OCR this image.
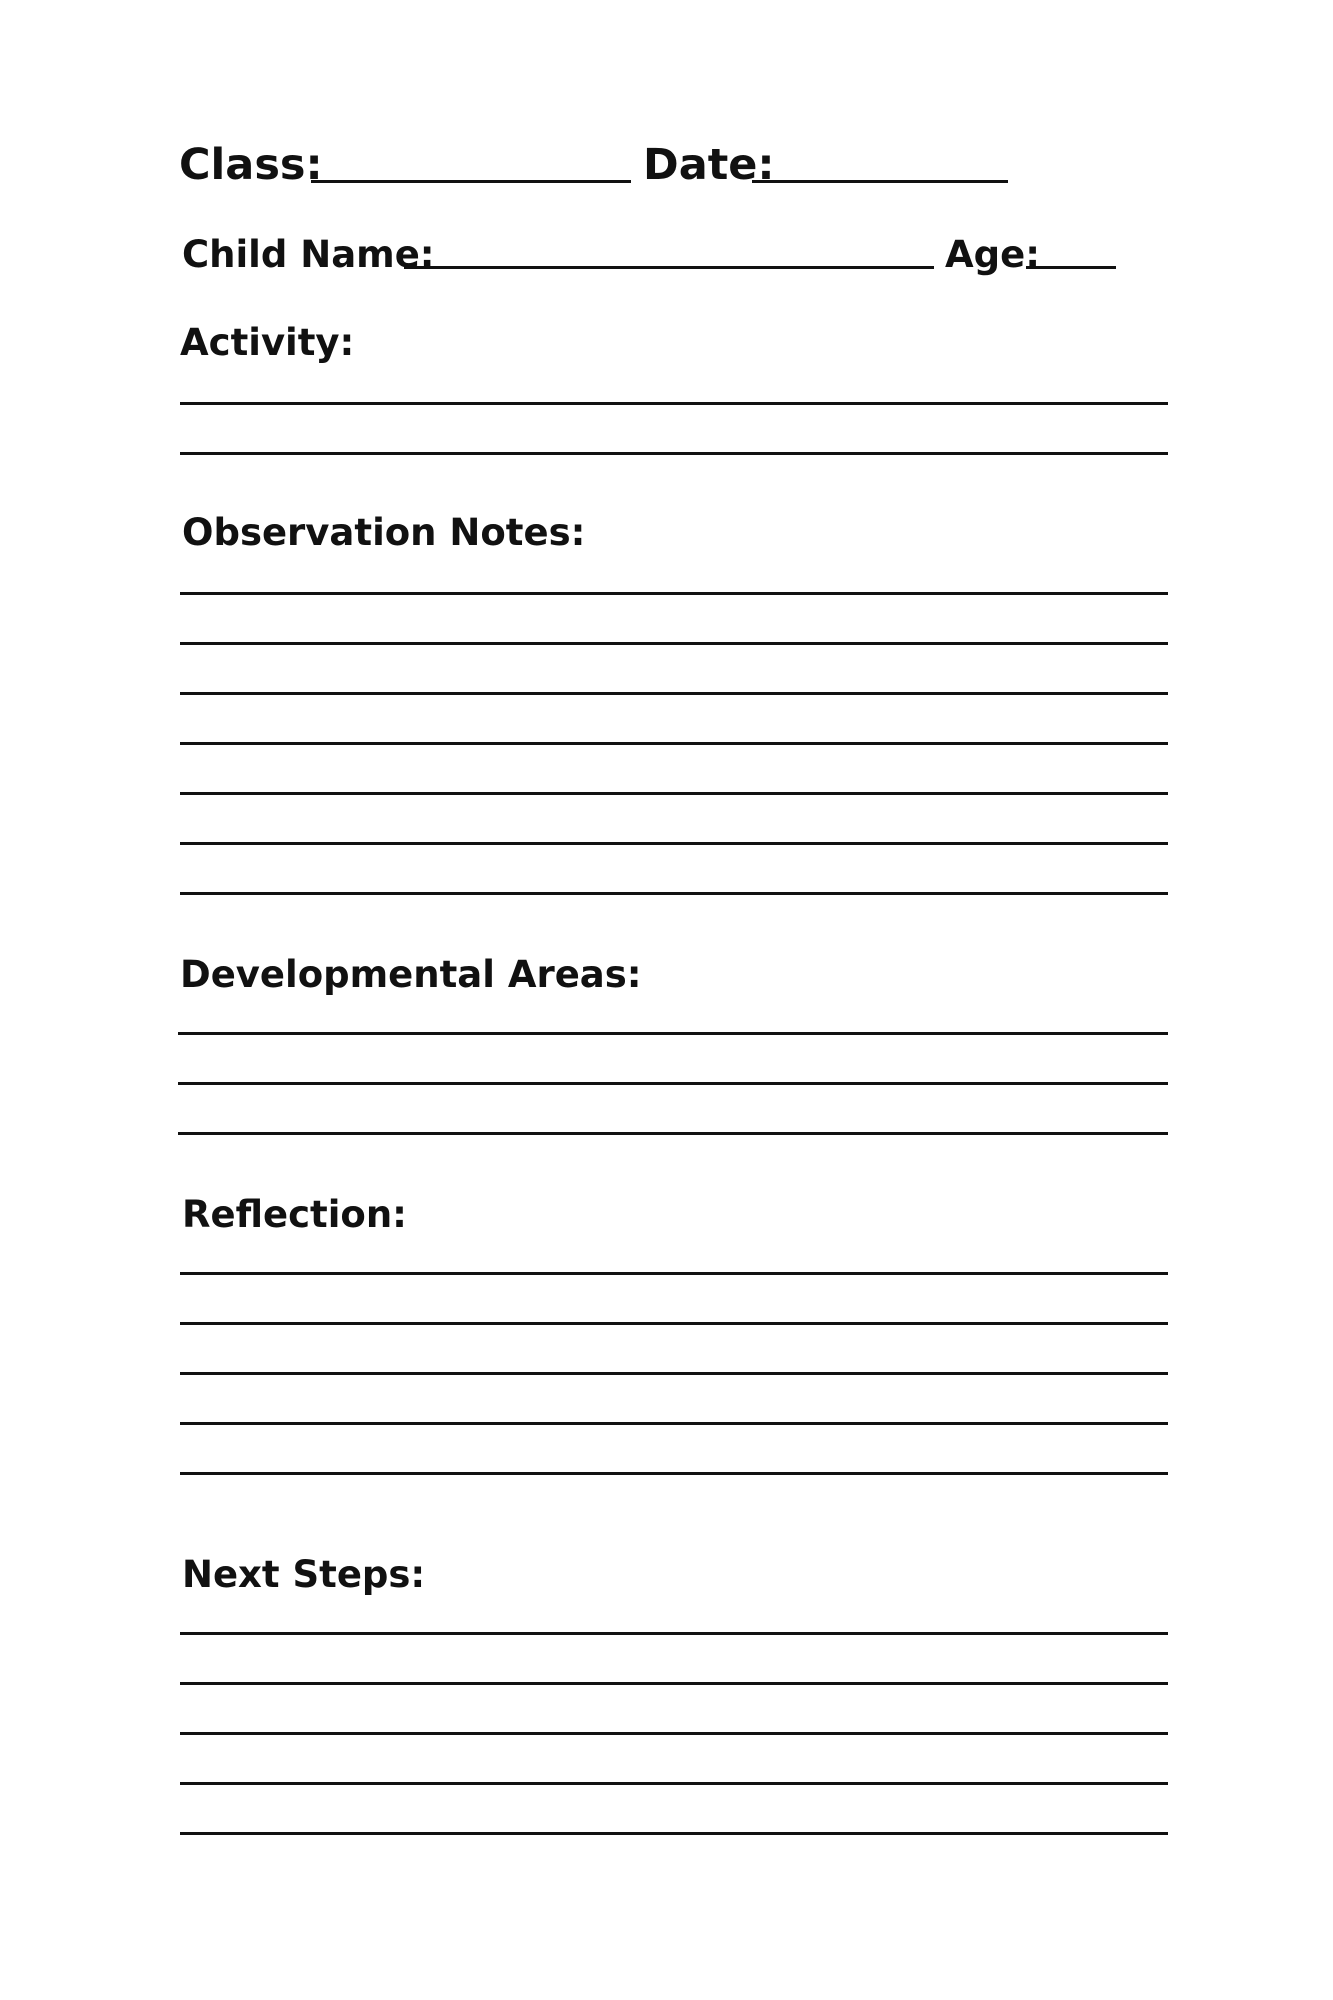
Class:	Date:
Child Name:	Age:
Activity:
Observation Notes:
Developmental Areas:
Reflection:
Next Steps:
